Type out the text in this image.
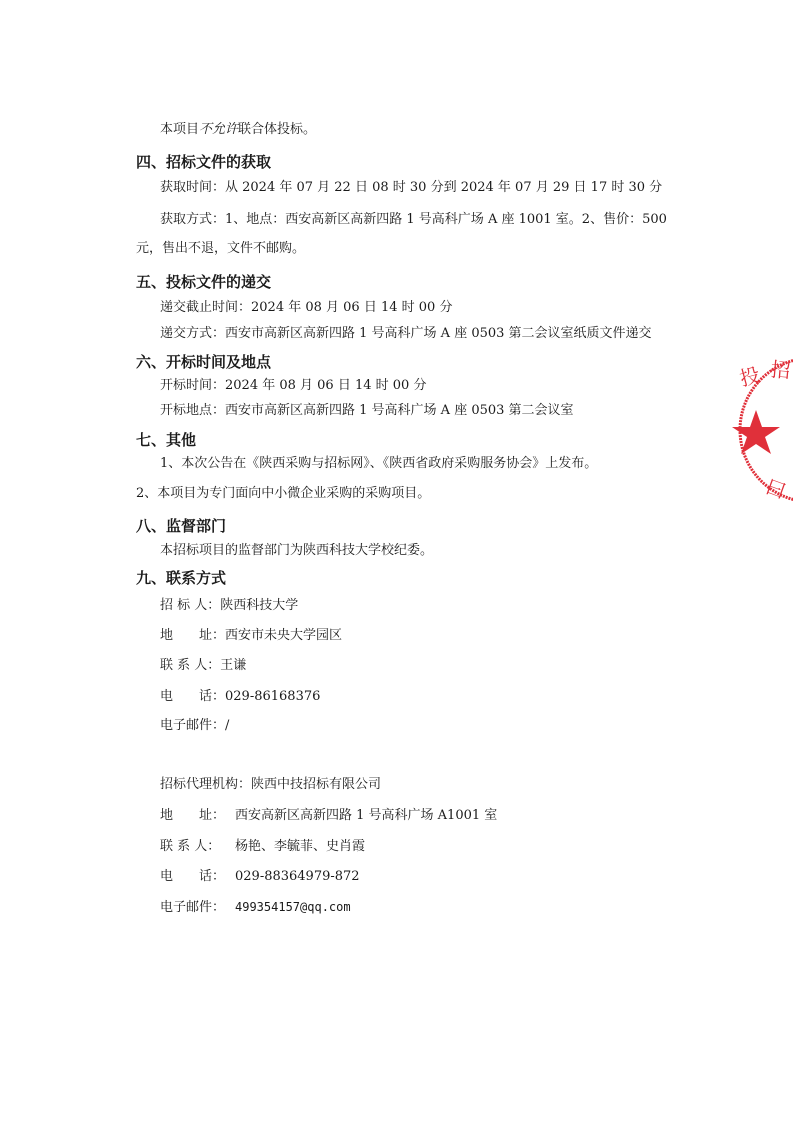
本项目不允许联合体投标。
四、招标文件的获取
获取时间：从 2024 年 07 月 22 日 08 时 30 分到 2024 年 07 月 29 日 17 时 30 分
获取方式：1、地点：西安高新区高新四路 1 号高科广场 A 座 1001 室。2、售价：500
元，售出不退，文件不邮购。
五、投标文件的递交
递交截止时间：2024 年 08 月 06 日 14 时 00 分
递交方式：西安市高新区高新四路 1 号高科广场 A 座 0503 第二会议室纸质文件递交
六、开标时间及地点
开标时间：2024 年 08 月 06 日 14 时 00 分
开标地点：西安市高新区高新四路 1 号高科广场 A 座 0503 第二会议室
七、其他
1、本次公告在《陕西采购与招标网》、《陕西省政府采购服务协会》上发布。
2、本项目为专门面向中小微企业采购的采购项目。
八、监督部门
本招标项目的监督部门为陕西科技大学校纪委。
九、联系方式
招 标 人：陕西科技大学
地　　址：西安市未央大学园区
联 系 人：王谦
电　　话：029-86168376
电子邮件：/
招标代理机构：陕西中技招标有限公司
地　　址： 西安高新区高新四路 1 号高科广场 A1001 室
联 系 人： 杨艳、李毓菲、史肖霞
电　　话： 029-88364979-872
电子邮件： 499354157@qq.com
投 招
曰
